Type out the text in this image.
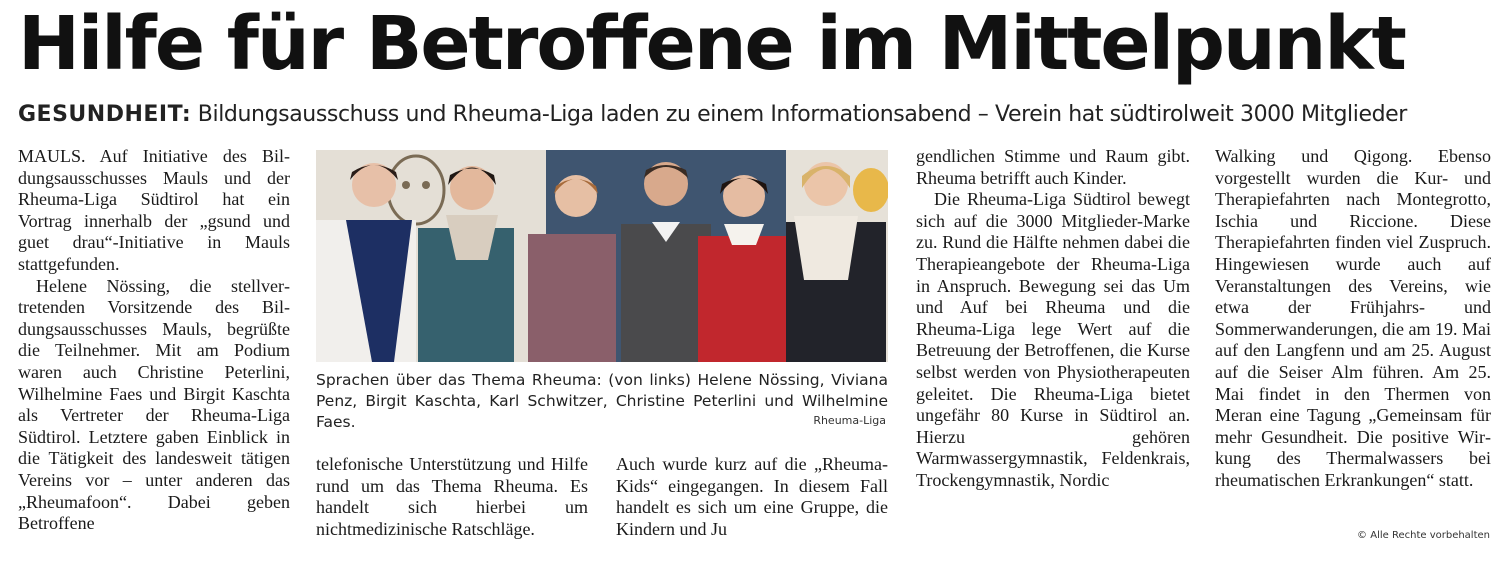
Hilfe für Betroffene im Mittelpunkt
GESUNDHEIT: Bildungsausschuss und Rheuma-Liga laden zu einem Informationsabend – Verein hat südtirolweit 3000 Mitglieder

MAULS. Auf Initiative des Bildungsausschusses Mauls und der Rheuma-Liga Südtirol hat ein Vortrag innerhalb der „gsund und guet drau“-Initiative in Mauls stattgefunden.

Helene Nössing, die stellvertretenden Vorsitzende des Bildungsausschusses Mauls, begrüßte die Teilnehmer. Mit am Podium waren auch Christine Peterlini, Wilhelmine Faes und Birgit Kaschta als Vertreter der Rheuma-Liga Südtirol. Letztere gaben Einblick in die Tätigkeit des landesweit tätigen Vereins vor – unter anderen das „Rheumafoon“. Dabei geben Betroffene

Sprachen über das Thema Rheuma: (von links) Helene Nössing, Viviana Penz, Birgit Kaschta, Karl Schwitzer, Christine Peterlini und Wilhelmine Faes.	Rheuma-Liga

telefonische Unterstützung und Hilfe rund um das Thema Rheuma. Es handelt sich hierbei um nichtmedizinische Ratschläge.

Auch wurde kurz auf die „Rheuma-Kids“ eingegangen. In diesem Fall handelt es sich um eine Gruppe, die Kindern und Ju

gendlichen Stimme und Raum gibt. Rheuma betrifft auch Kinder.

Die Rheuma-Liga Südtirol bewegt sich auf die 3000 Mitglieder-Marke zu. Rund die Hälfte nehmen dabei die Therapieangebote der Rheuma-Liga in Anspruch. Bewegung sei das Um und Auf bei Rheuma und die Rheuma-Liga lege Wert auf die Betreuung der Betroffenen, die Kurse selbst werden von Physiotherapeuten geleitet. Die Rheuma-Liga bietet ungefähr 80 Kurse in Südtirol an. Hierzu gehören Warmwassergymnastik, Feldenkrais, Trockengymnastik, Nordic

Walking und Qigong. Ebenso vorgestellt wurden die Kur- und Therapiefahrten nach Montegrotto, Ischia und Riccione. Diese Therapiefahrten finden viel Zuspruch. Hingewiesen wurde auch auf Veranstaltungen des Vereins, wie etwa der Frühjahrs- und Sommerwanderungen, die am 19. Mai auf den Langfenn und am 25. August auf die Seiser Alm führen. Am 25. Mai findet in den Thermen von Meran eine Tagung „Gemeinsam für mehr Gesundheit. Die positive Wirkung des Thermalwassers bei rheumatischen Erkrankungen“ statt.

© Alle Rechte vorbehalten
